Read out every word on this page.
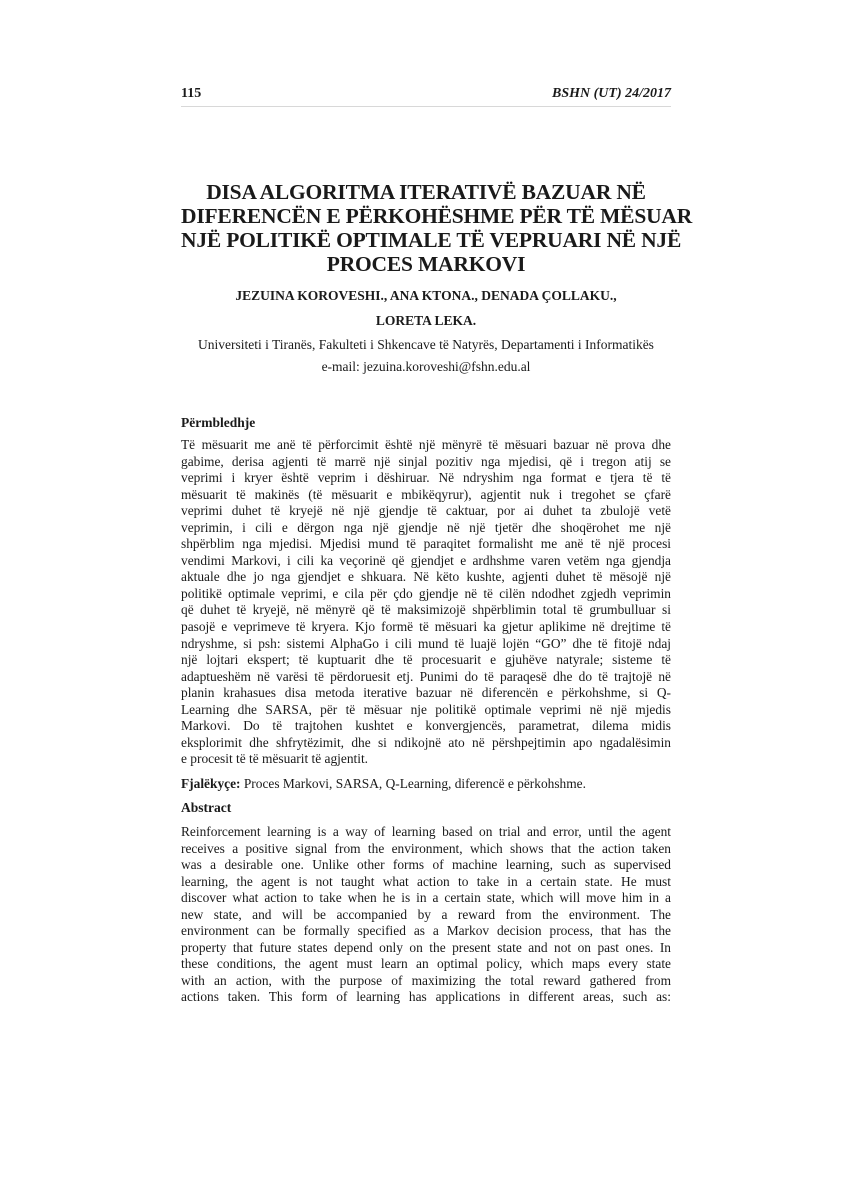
115	BSHN (UT) 24/2017
DISA ALGORITMA ITERATIVË BAZUAR NË
DIFERENCËN E PËRKOHËSHME PËR TË MËSUAR
NJË POLITIKË OPTIMALE TË VEPRUARI NË NJË
PROCES MARKOVI
JEZUINA KOROVESHI., ANA KTONA., DENADA ÇOLLAKU.,
LORETA LEKA.
Universiteti i Tiranës, Fakulteti i Shkencave të Natyrës, Departamenti i Informatikës
e-mail: jezuina.koroveshi@fshn.edu.al
Përmbledhje
Të mësuarit me anë të përforcimit është një mënyrë të mësuari bazuar në prova dhe
gabime, derisa agjenti të marrë një sinjal pozitiv nga mjedisi, që i tregon atij se
veprimi i kryer është veprim i dëshiruar. Në ndryshim nga format e tjera të të
mësuarit të makinës (të mësuarit e mbikëqyrur), agjentit nuk i tregohet se çfarë
veprimi duhet të kryejë në një gjendje të caktuar, por ai duhet ta zbulojë vetë
veprimin, i cili e dërgon nga një gjendje në një tjetër dhe shoqërohet me një
shpërblim nga mjedisi. Mjedisi mund të paraqitet formalisht me anë të një procesi
vendimi Markovi, i cili ka veçorinë që gjendjet e ardhshme varen vetëm nga gjendja
aktuale dhe jo nga gjendjet e shkuara. Në këto kushte, agjenti duhet të mësojë një
politikë optimale veprimi, e cila për çdo gjendje në të cilën ndodhet zgjedh veprimin
që duhet të kryejë, në mënyrë që të maksimizojë shpërblimin total të grumbulluar si
pasojë e veprimeve të kryera. Kjo formë të mësuari ka gjetur aplikime në drejtime të
ndryshme, si psh: sistemi AlphaGo i cili mund të luajë lojën “GO” dhe të fitojë ndaj
një lojtari ekspert; të kuptuarit dhe të procesuarit e gjuhëve natyrale; sisteme të
adaptueshëm në varësi të përdoruesit etj. Punimi do të paraqesë dhe do të trajtojë në
planin krahasues disa metoda iterative bazuar në diferencën e përkohshme, si Q-
Learning dhe SARSA, për të mësuar nje politikë optimale veprimi në një mjedis
Markovi. Do të trajtohen kushtet e konvergjencës, parametrat, dilema midis
eksplorimit dhe shfrytëzimit, dhe si ndikojnë ato në përshpejtimin apo ngadalësimin
e procesit të të mësuarit të agjentit.
Fjalëkyçe: Proces Markovi, SARSA, Q-Learning, diferencë e përkohshme.
Abstract
Reinforcement learning is a way of learning based on trial and error, until the agent
receives a positive signal from the environment, which shows that the action taken
was a desirable one. Unlike other forms of machine learning, such as supervised
learning, the agent is not taught what action to take in a certain state. He must
discover what action to take when he is in a certain state, which will move him in a
new state, and will be accompanied by a reward from the environment. The
environment can be formally specified as a Markov decision process, that has the
property that future states depend only on the present state and not on past ones. In
these conditions, the agent must learn an optimal policy, which maps every state
with an action, with the purpose of maximizing the total reward gathered from
actions taken. This form of learning has applications in different areas, such as:
